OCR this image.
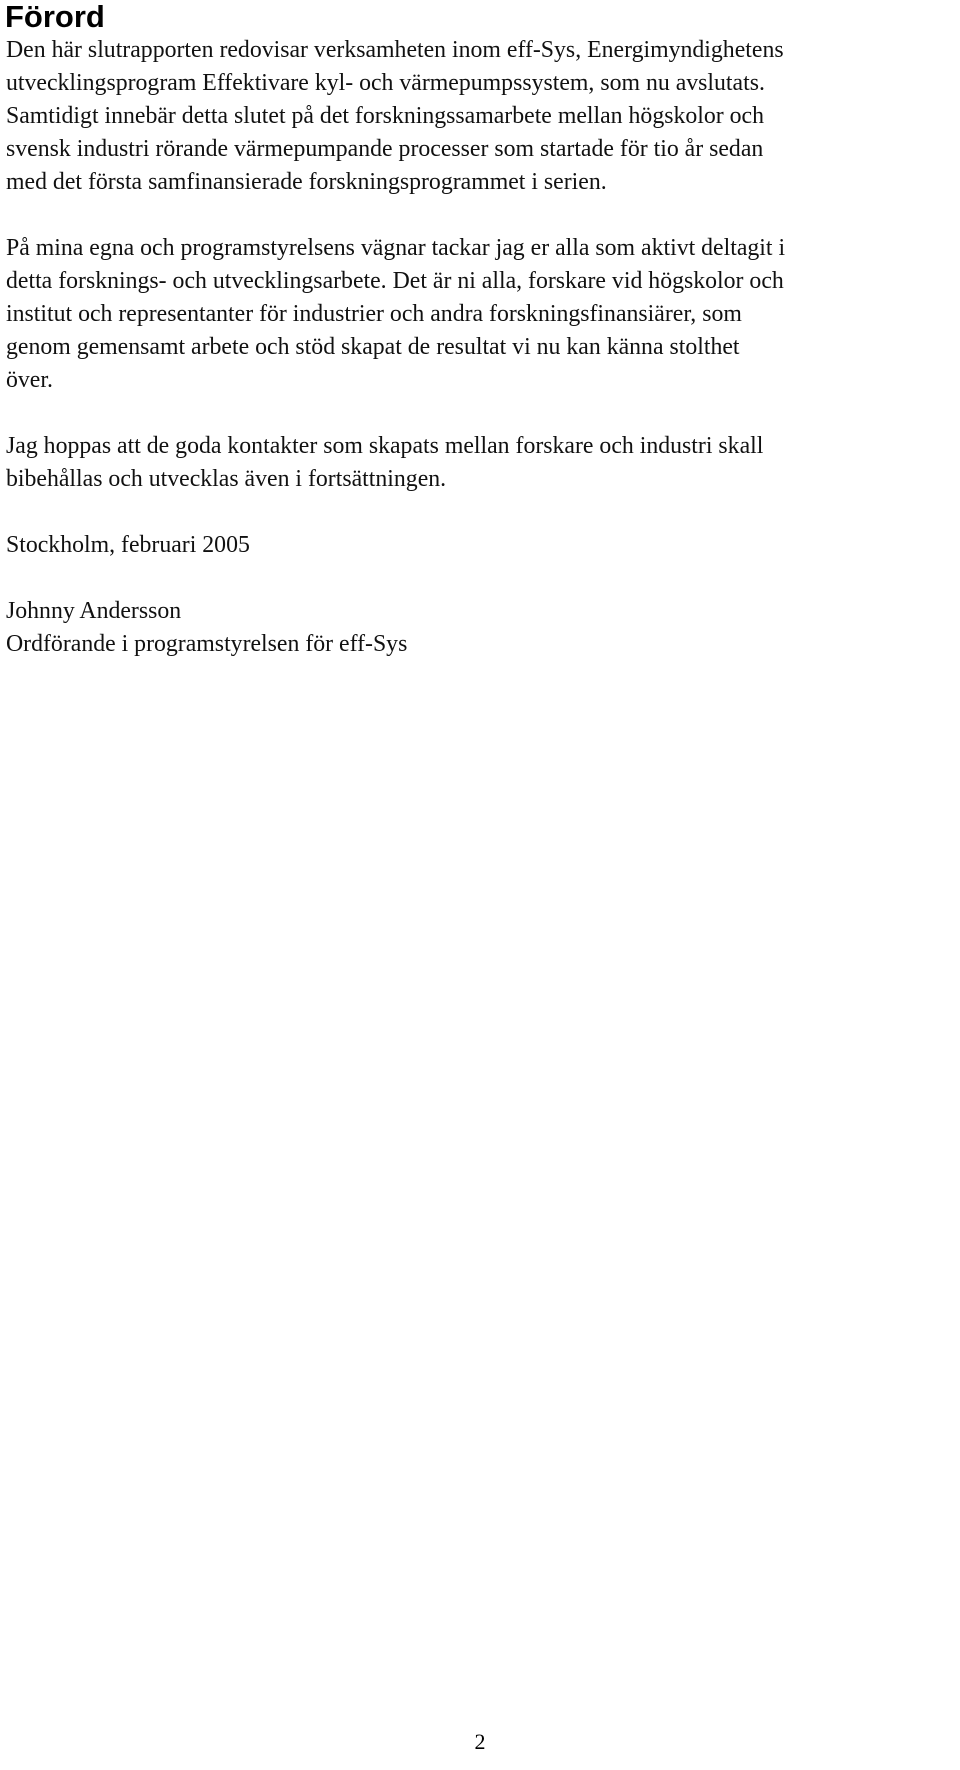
Förord

Den här slutrapporten redovisar verksamheten inom eff-Sys, Energimyndighetens
utvecklingsprogram Effektivare kyl- och värmepumpssystem, som nu avslutats.
Samtidigt innebär detta slutet på det forskningssamarbete mellan högskolor och
svensk industri rörande värmepumpande processer som startade för tio år sedan
med det första samfinansierade forskningsprogrammet i serien.

På mina egna och programstyrelsens vägnar tackar jag er alla som aktivt deltagit i
detta forsknings- och utvecklingsarbete. Det är ni alla, forskare vid högskolor och
institut och representanter för industrier och andra forskningsfinansiärer, som
genom gemensamt arbete och stöd skapat de resultat vi nu kan känna stolthet
över.

Jag hoppas att de goda kontakter som skapats mellan forskare och industri skall
bibehållas och utvecklas även i fortsättningen.

Stockholm, februari 2005

Johnny Andersson
Ordförande i programstyrelsen för eff-Sys
2
